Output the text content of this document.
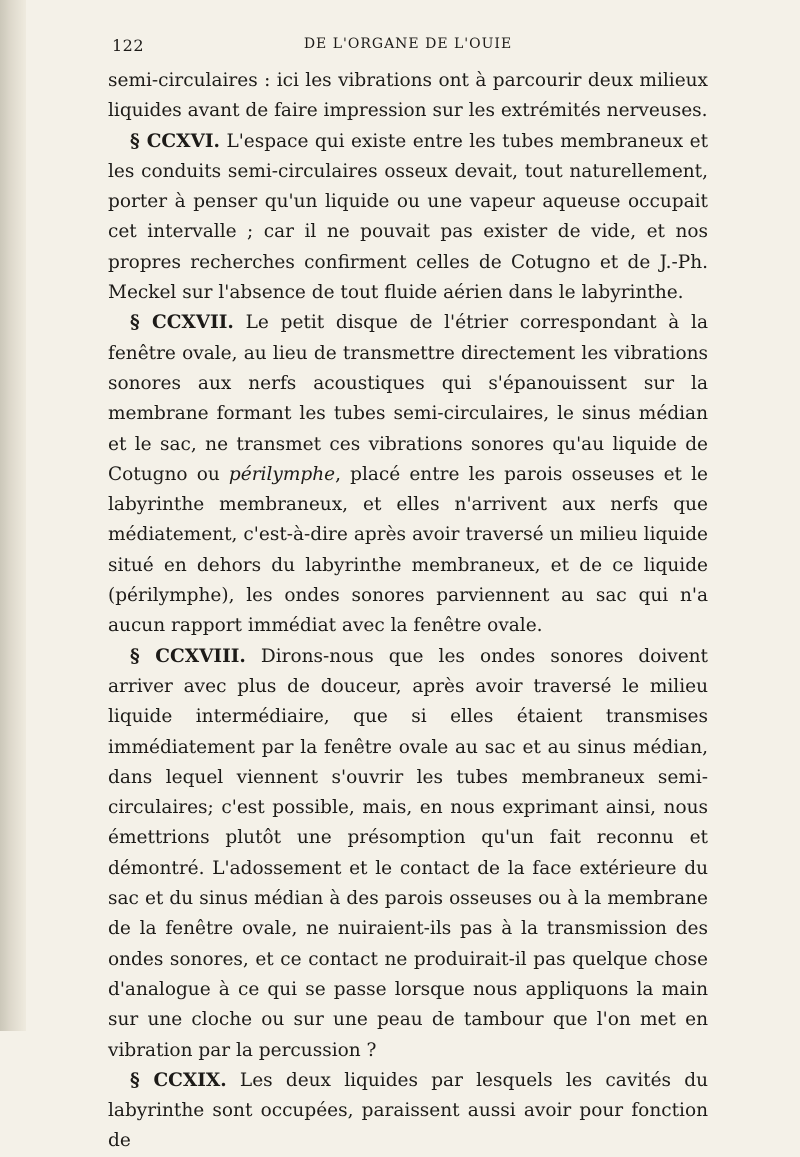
122	DE L'ORGANE DE L'OUIE

semi-circulaires : ici les vibrations ont à parcourir deux milieux liquides avant de faire impression sur les extrémités nerveuses.

§ CCXVI. L'espace qui existe entre les tubes membraneux et les conduits semi-circulaires osseux devait, tout naturellement, porter à penser qu'un liquide ou une vapeur aqueuse occupait cet intervalle ; car il ne pouvait pas exister de vide, et nos propres recherches confirment celles de Cotugno et de J.-Ph. Meckel sur l'absence de tout fluide aérien dans le labyrinthe.

§ CCXVII. Le petit disque de l'étrier correspondant à la fenêtre ovale, au lieu de transmettre directement les vibrations sonores aux nerfs acoustiques qui s'épanouissent sur la membrane formant les tubes semi-circulaires, le sinus médian et le sac, ne transmet ces vibrations sonores qu'au liquide de Cotugno ou périlymphe, placé entre les parois osseuses et le labyrinthe membraneux, et elles n'arrivent aux nerfs que médiatement, c'est-à-dire après avoir traversé un milieu liquide situé en dehors du labyrinthe membraneux, et de ce liquide (périlymphe), les ondes sonores parviennent au sac qui n'a aucun rapport immédiat avec la fenêtre ovale.

§ CCXVIII. Dirons-nous que les ondes sonores doivent arriver avec plus de douceur, après avoir traversé le milieu liquide intermédiaire, que si elles étaient transmises immédiatement par la fenêtre ovale au sac et au sinus médian, dans lequel viennent s'ouvrir les tubes membraneux semi-circulaires; c'est possible, mais, en nous exprimant ainsi, nous émettrions plutôt une présomption qu'un fait reconnu et démontré. L'adossement et le contact de la face extérieure du sac et du sinus médian à des parois osseuses ou à la membrane de la fenêtre ovale, ne nuiraient-ils pas à la transmission des ondes sonores, et ce contact ne produirait-il pas quelque chose d'analogue à ce qui se passe lorsque nous appliquons la main sur une cloche ou sur une peau de tambour que l'on met en vibration par la percussion ?

§ CCXIX. Les deux liquides par lesquels les cavités du labyrinthe sont occupées, paraissent aussi avoir pour fonction de
